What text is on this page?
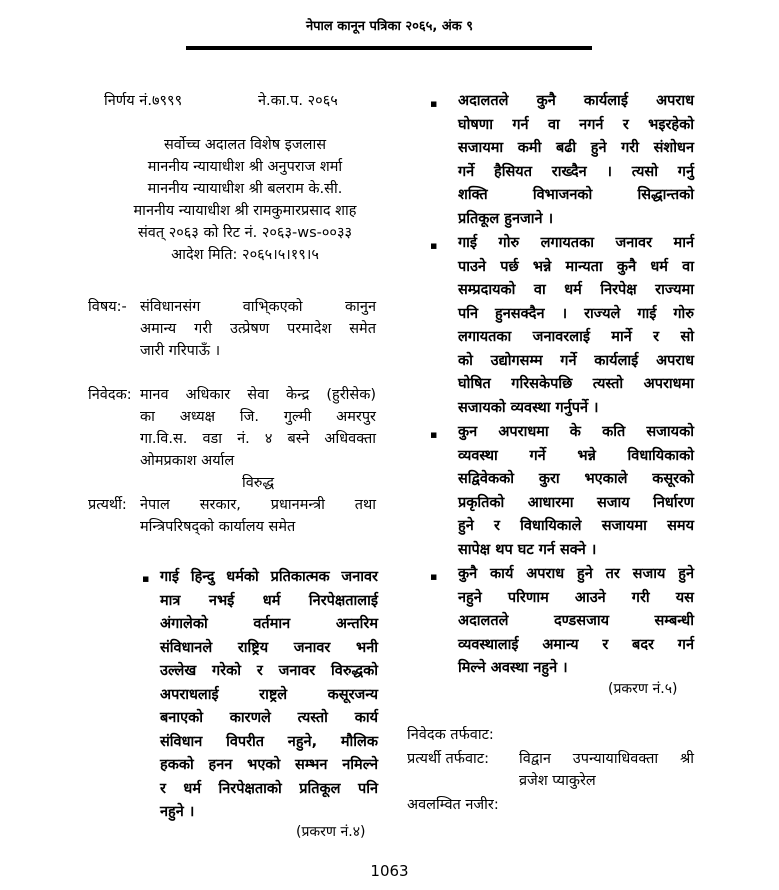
नेपाल कानून पत्रिका २०६५, अंक ९
निर्णय नं.७९९९	ने.का.प. २०६५
सर्वोच्च अदालत विशेष इजलास
माननीय न्यायाधीश श्री अनुपराज शर्मा
माननीय न्यायाधीश श्री बलराम के.सी.
माननीय न्यायाधीश श्री रामकुमारप्रसाद शाह
संवत् २०६३ को रिट नं. २०६३-ws-००३३
आदेश मिति: २०६५।५।१९।५
विषय:- संविधानसंग वाभि्कएको कानुन
अमान्य गरी उत्प्रेषण परमादेश समेत
जारी गरिपाऊँ ।
निवेदक: मानव अधिकार सेवा केन्द्र (हुरीसेक)
का अध्यक्ष जि. गुल्मी अमरपुर
गा.वि.स. वडा नं. ४ बस्ने अधिवक्ता
ओमप्रकाश अर्याल
विरुद्ध
प्रत्यर्थी: नेपाल सरकार, प्रधानमन्त्री तथा
मन्त्रिपरिषद्को कार्यालय समेत
▪ गाई हिन्दु धर्मको प्रतिकात्मक जनावर
मात्र नभई धर्म निरपेक्षतालाई
अंगालेको वर्तमान अन्तरिम
संविधानले राष्ट्रिय जनावर भनी
उल्लेख गरेको र जनावर विरुद्धको
अपराधलाई राष्ट्रले कसूरजन्य
बनाएको कारणले त्यस्तो कार्य
संविधान विपरीत नहुने, मौलिक
हकको हनन भएको सम्भन नमिल्ने
र धर्म निरपेक्षताको प्रतिकूल पनि
नहुने ।
(प्रकरण नं.४)
▪ अदालतले कुनै कार्यलाई अपराध
घोषणा गर्न वा नगर्न र भइरहेको
सजायमा कमी बढी हुने गरी संशोधन
गर्ने हैसियत राख्दैन । त्यसो गर्नु
शक्ति विभाजनको सिद्धान्तको
प्रतिकूल हुनजाने ।
▪ गाई गोरु लगायतका जनावर मार्न
पाउने पर्छ भन्ने मान्यता कुनै धर्म वा
सम्प्रदायको वा धर्म निरपेक्ष राज्यमा
पनि हुनसक्दैन । राज्यले गाई गोरु
लगायतका जनावरलाई मार्ने र सो
को उद्योगसम्म गर्ने कार्यलाई अपराध
घोषित गरिसकेपछि त्यस्तो अपराधमा
सजायको व्यवस्था गर्नुपर्ने ।
▪ कुन अपराधमा के कति सजायको
व्यवस्था गर्ने भन्ने विधायिकाको
सद्विवेकको कुरा भएकाले कसूरको
प्रकृतिको आधारमा सजाय निर्धारण
हुने र विधायिकाले सजायमा समय
सापेक्ष थप घट गर्न सक्ने ।
▪ कुनै कार्य अपराध हुने तर सजाय हुने
नहुने परिणाम आउने गरी यस
अदालतले दण्डसजाय सम्बन्धी
व्यवस्थालाई अमान्य र बदर गर्न
मिल्ने अवस्था नहुने ।
(प्रकरण नं.५)
निवेदक तर्फवाट:
प्रत्यर्थी तर्फवाट: विद्वान उपन्यायाधिवक्ता श्री
व्रजेश प्याकुरेल
अवलम्वित नजीर:
1063
